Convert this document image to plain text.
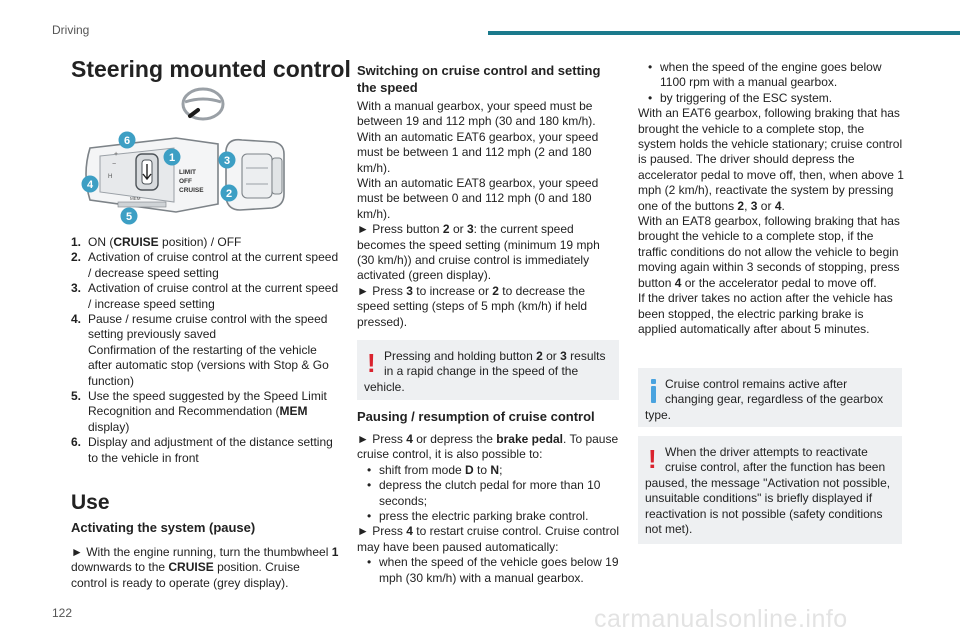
Driving
Steering mounted control
6
1
4
5
3
2
LIMIT
OFF
CRUISE
MEM
+
−
H
1. ON (CRUISE position) / OFF
2. Activation of cruise control at the current speed / decrease speed setting
3. Activation of cruise control at the current speed / increase speed setting
4. Pause / resume cruise control with the speed setting previously saved
Confirmation of the restarting of the vehicle after automatic stop (versions with Stop & Go function)
5. Use the speed suggested by the Speed Limit Recognition and Recommendation (MEM display)
6. Display and adjustment of the distance setting to the vehicle in front
Use
Activating the system (pause)
► With the engine running, turn the thumbwheel 1 downwards to the CRUISE position. Cruise control is ready to operate (grey display).
Switching on cruise control and setting the speed
With a manual gearbox, your speed must be between 19 and 112 mph (30 and 180 km/h).
With an automatic EAT6 gearbox, your speed must be between 1 and 112 mph (2 and 180 km/h).
With an automatic EAT8 gearbox, your speed must be between 0 and 112 mph (0 and 180 km/h).
► Press button 2 or 3: the current speed becomes the speed setting (minimum 19 mph (30 km/h)) and cruise control is immediately activated (green display).
► Press 3 to increase or 2 to decrease the speed setting (steps of 5 mph (km/h) if held pressed).
! Pressing and holding button 2 or 3 results in a rapid change in the speed of the vehicle.
Pausing / resumption of cruise control
► Press 4 or depress the brake pedal. To pause cruise control, it is also possible to:
• shift from mode D to N;
• depress the clutch pedal for more than 10 seconds;
• press the electric parking brake control.
► Press 4 to restart cruise control. Cruise control may have been paused automatically:
• when the speed of the vehicle goes below 19 mph (30 km/h) with a manual gearbox.
• when the speed of the engine goes below 1100 rpm with a manual gearbox.
• by triggering of the ESC system.
With an EAT6 gearbox, following braking that has brought the vehicle to a complete stop, the system holds the vehicle stationary; cruise control is paused. The driver should depress the accelerator pedal to move off, then, when above 1 mph (2 km/h), reactivate the system by pressing one of the buttons 2, 3 or 4.
With an EAT8 gearbox, following braking that has brought the vehicle to a complete stop, if the traffic conditions do not allow the vehicle to begin moving again within 3 seconds of stopping, press button 4 or the accelerator pedal to move off.
If the driver takes no action after the vehicle has been stopped, the electric parking brake is applied automatically after about 5 minutes.
Cruise control remains active after changing gear, regardless of the gearbox type.
! When the driver attempts to reactivate cruise control, after the function has been paused, the message "Activation not possible, unsuitable conditions" is briefly displayed if reactivation is not possible (safety conditions not met).
122	carmanualsonline.info
